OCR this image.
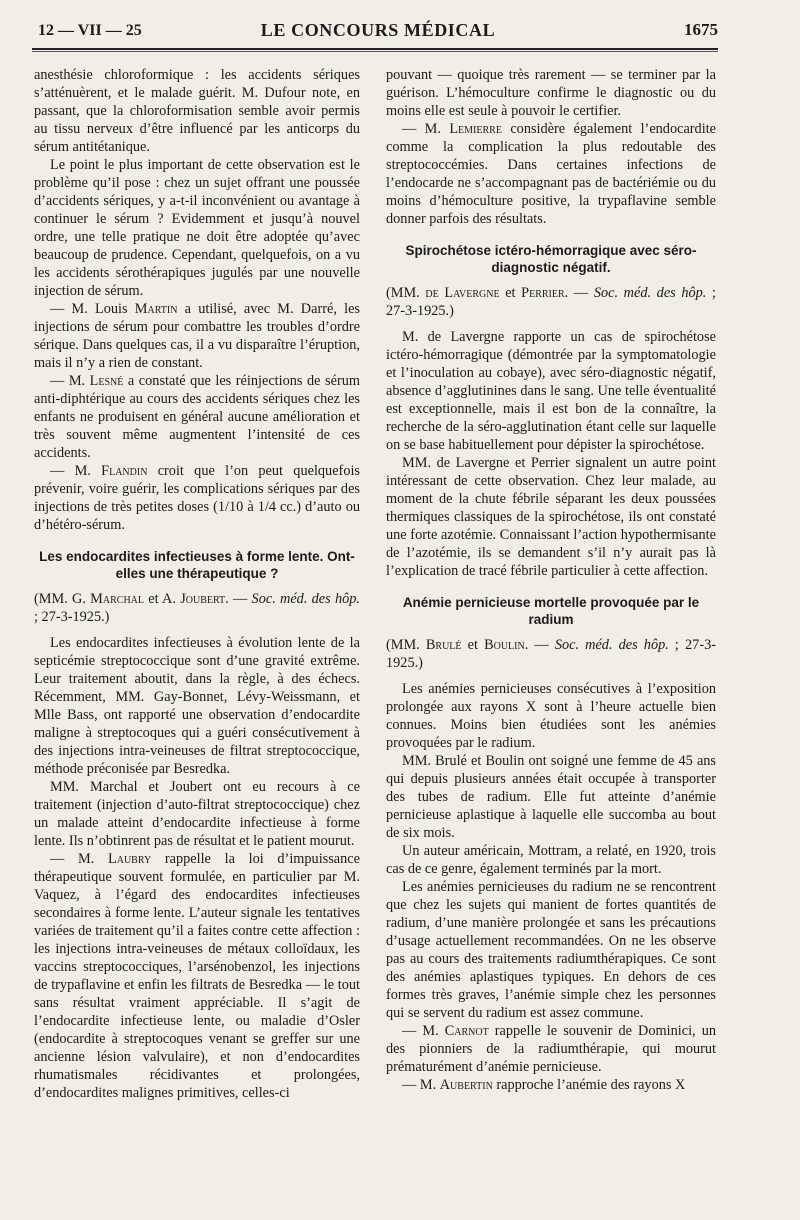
12 — VII — 25	LE CONCOURS MÉDICAL	1675

anesthésie chloroformique : les accidents sériques s’atténuèrent, et le malade guérit. M. Dufour note, en passant, que la chloroformisation semble avoir permis au tissu nerveux d’être influencé par les anticorps du sérum antitétanique.

Le point le plus important de cette observation est le problème qu’il pose : chez un sujet offrant une poussée d’accidents sériques, y a-t-il inconvénient ou avantage à continuer le sérum ? Evidemment et jusqu’à nouvel ordre, une telle pratique ne doit être adoptée qu’avec beaucoup de prudence. Cependant, quelquefois, on a vu les accidents sérothérapiques jugulés par une nouvelle injection de sérum.

— M. Louis Martin a utilisé, avec M. Darré, les injections de sérum pour combattre les troubles d’ordre sérique. Dans quelques cas, il a vu disparaître l’éruption, mais il n’y a rien de constant.

— M. Lesné a constaté que les réinjections de sérum anti-diphtérique au cours des accidents sériques chez les enfants ne produisent en général aucune amélioration et très souvent même augmentent l’intensité de ces accidents.

— M. Flandin croit que l’on peut quelquefois prévenir, voire guérir, les complications sériques par des injections de très petites doses (1/10 à 1/4 cc.) d’auto ou d’hétéro-sérum.

Les endocardites infectieuses à forme lente. Ont-elles une thérapeutique ?

(MM. G. Marchal et A. Joubert. — Soc. méd. des hôp. ; 27-3-1925.)

Les endocardites infectieuses à évolution lente de la septicémie streptococcique sont d’une gravité extrême. Leur traitement aboutit, dans la règle, à des échecs. Récemment, MM. Gay-Bonnet, Lévy-Weissmann, et Mlle Bass, ont rapporté une observation d’endocardite maligne à streptocoques qui a guéri consécutivement à des injections intra-veineuses de filtrat streptococcique, méthode préconisée par Besredka.

MM. Marchal et Joubert ont eu recours à ce traitement (injection d’auto-filtrat streptococcique) chez un malade atteint d’endocardite infectieuse à forme lente. Ils n’obtinrent pas de résultat et le patient mourut.

— M. Laubry rappelle la loi d’impuissance thérapeutique souvent formulée, en particulier par M. Vaquez, à l’égard des endocardites infectieuses secondaires à forme lente. L’auteur signale les tentatives variées de traitement qu’il a faites contre cette affection : les injections intra-veineuses de métaux colloïdaux, les vaccins streptococciques, l’arsénobenzol, les injections de trypaflavine et enfin les filtrats de Besredka — le tout sans résultat vraiment appréciable. Il s’agit de l’endocardite infectieuse lente, ou maladie d’Osler (endocardite à streptocoques venant se greffer sur une ancienne lésion valvulaire), et non d’endocardites rhumatismales récidivantes et prolongées, d’endocardites malignes primitives, celles-ci

pouvant — quoique très rarement — se terminer par la guérison. L’hémoculture confirme le diagnostic ou du moins elle est seule à pouvoir le certifier.

— M. Lemierre considère également l’endocardite comme la complication la plus redoutable des streptococcémies. Dans certaines infections de l’endocarde ne s’accompagnant pas de bactériémie ou du moins d’hémoculture positive, la trypaflavine semble donner parfois des résultats.

Spirochétose ictéro-hémorragique avec séro-diagnostic négatif.

(MM. de Lavergne et Perrier. — Soc. méd. des hôp. ; 27-3-1925.)

M. de Lavergne rapporte un cas de spirochétose ictéro-hémorragique (démontrée par la symptomatologie et l’inoculation au cobaye), avec séro-diagnostic négatif, absence d’agglutinines dans le sang. Une telle éventualité est exceptionnelle, mais il est bon de la connaître, la recherche de la séro-agglutination étant celle sur laquelle on se base habituellement pour dépister la spirochétose.

MM. de Lavergne et Perrier signalent un autre point intéressant de cette observation. Chez leur malade, au moment de la chute fébrile séparant les deux poussées thermiques classiques de la spirochétose, ils ont constaté une forte azotémie. Connaissant l’action hypothermisante de l’azotémie, ils se demandent s’il n’y aurait pas là l’explication de tracé fébrile particulier à cette affection.

Anémie pernicieuse mortelle provoquée par le radium

(MM. Brulé et Boulin. — Soc. méd. des hôp. ; 27-3-1925.)

Les anémies pernicieuses consécutives à l’exposition prolongée aux rayons X sont à l’heure actuelle bien connues. Moins bien étudiées sont les anémies provoquées par le radium.

MM. Brulé et Boulin ont soigné une femme de 45 ans qui depuis plusieurs années était occupée à transporter des tubes de radium. Elle fut atteinte d’anémie pernicieuse aplastique à laquelle elle succomba au bout de six mois.

Un auteur américain, Mottram, a relaté, en 1920, trois cas de ce genre, également terminés par la mort.

Les anémies pernicieuses du radium ne se rencontrent que chez les sujets qui manient de fortes quantités de radium, d’une manière prolongée et sans les précautions d’usage actuellement recommandées. On ne les observe pas au cours des traitements radiumthérapiques. Ce sont des anémies aplastiques typiques. En dehors de ces formes très graves, l’anémie simple chez les personnes qui se servent du radium est assez commune.

— M. Carnot rappelle le souvenir de Dominici, un des pionniers de la radiumthérapie, qui mourut prématurément d’anémie pernicieuse.

— M. Aubertin rapproche l’anémie des rayons X
